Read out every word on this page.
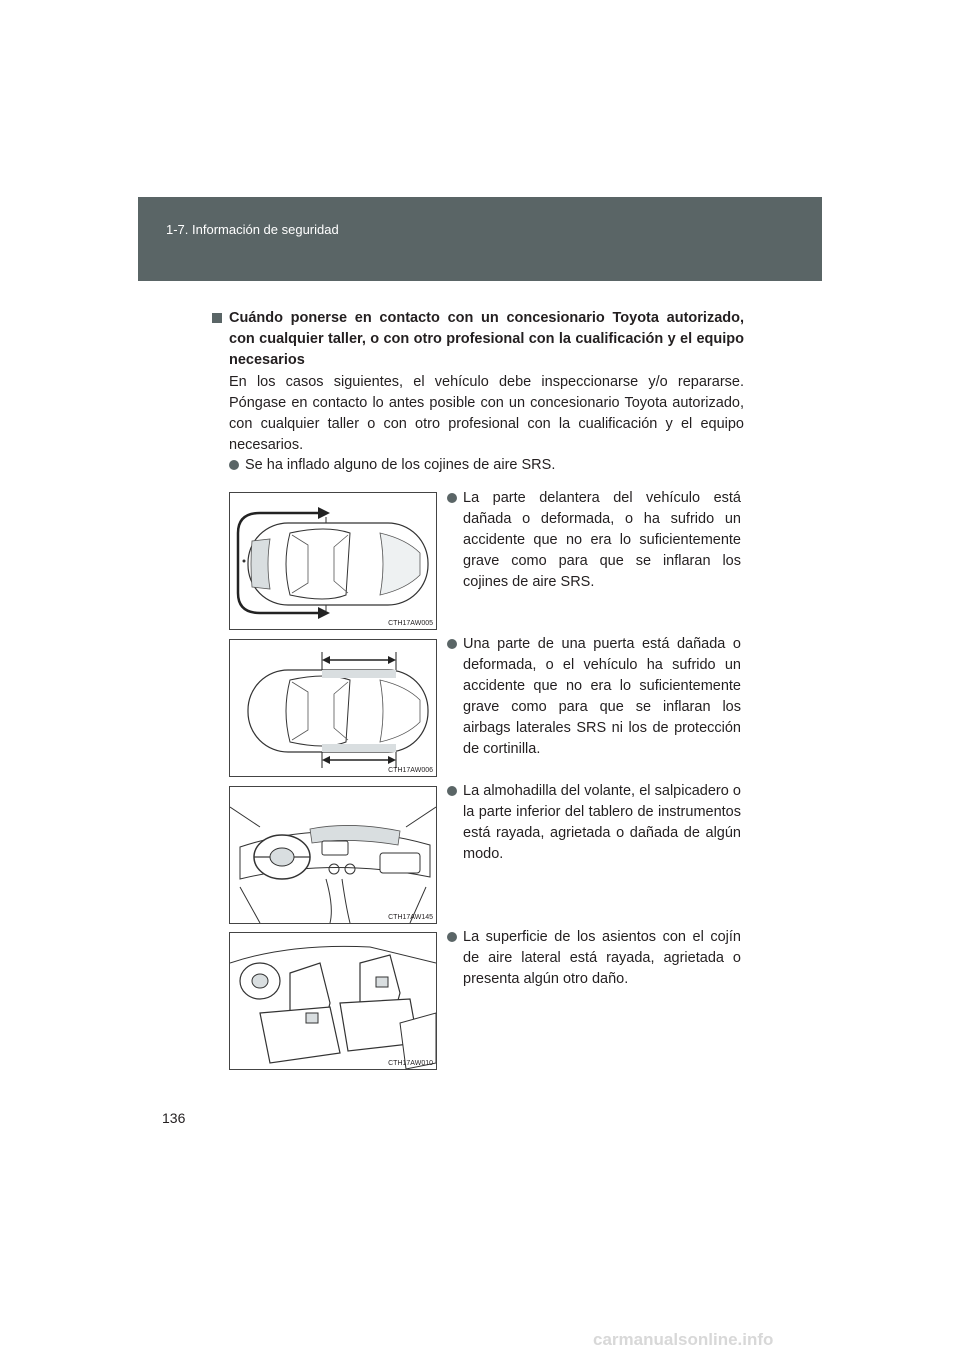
1-7. Información de seguridad
Cuándo ponerse en contacto con un concesionario Toyota autorizado, con cualquier taller, o con otro profesional con la cualificación y el equipo necesarios
En los casos siguientes, el vehículo debe inspeccionarse y/o repararse. Póngase en contacto lo antes posible con un concesionario Toyota autorizado, con cualquier taller o con otro profesional con la cualificación y el equipo necesarios.
Se ha inflado alguno de los cojines de aire SRS.
La parte delantera del vehículo está dañada o deformada, o ha sufrido un accidente que no era lo suficientemente grave como para que se inflaran los cojines de aire SRS.
Una parte de una puerta está dañada o deformada, o el vehículo ha sufrido un accidente que no era lo suficientemente grave como para que se inflaran los airbags laterales SRS ni los de protección de cortinilla.
La almohadilla del volante, el salpicadero o la parte inferior del tablero de instrumentos está rayada, agrietada o dañada de algún modo.
La superficie de los asientos con el cojín de aire lateral está rayada, agrietada o presenta algún otro daño.
CTH17AW005
CTH17AW006
CTH17AW145
CTH17AW010
136
carmanualsonline.info
